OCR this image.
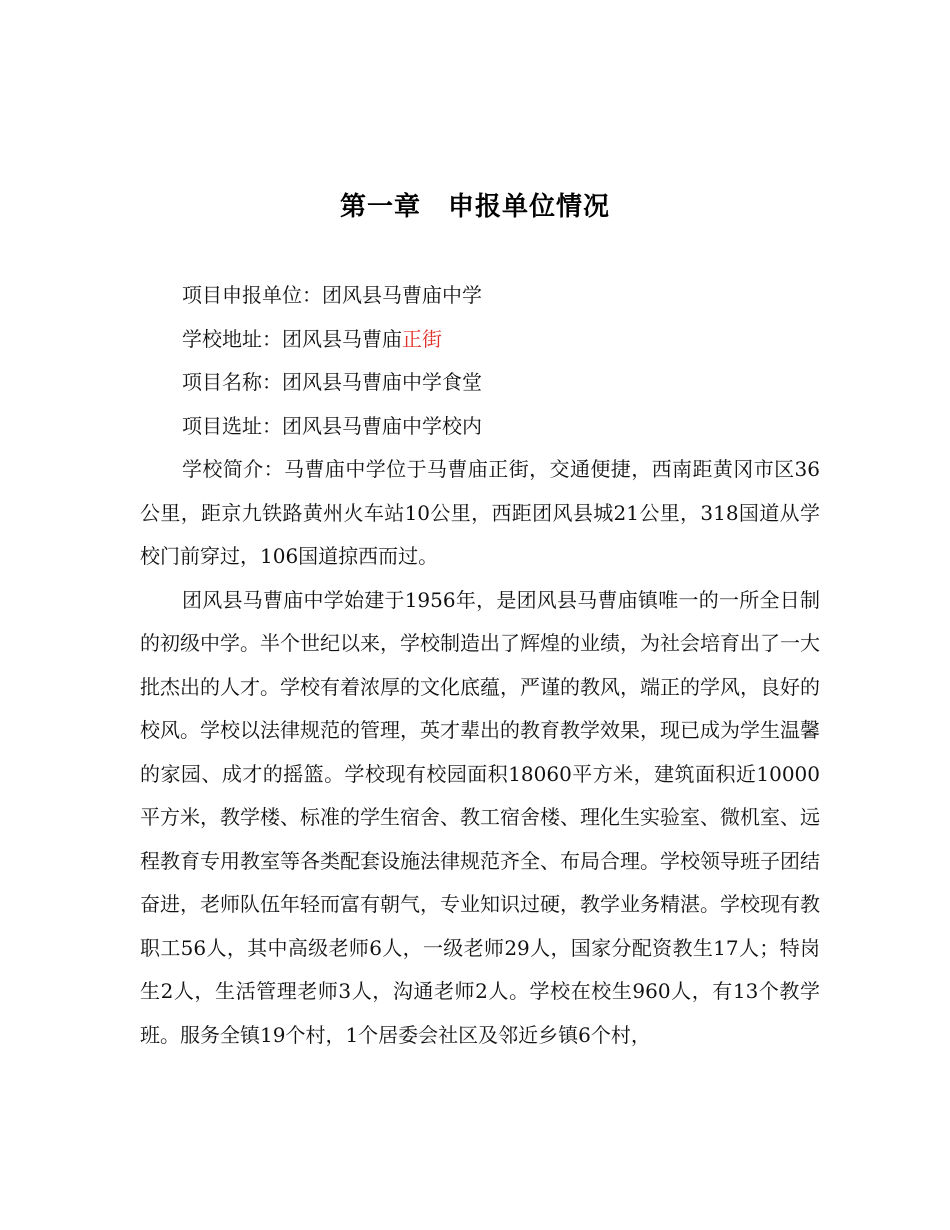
第一章　申报单位情况

项目申报单位：团风县马曹庙中学

学校地址：团风县马曹庙正街

项目名称：团风县马曹庙中学食堂

项目选址：团风县马曹庙中学校内

学校简介：马曹庙中学位于马曹庙正街，交通便捷，西南距黄冈市区36公里，距京九铁路黄州火车站10公里，西距团风县城21公里，318国道从学校门前穿过，106国道掠西而过。

团风县马曹庙中学始建于1956年，是团风县马曹庙镇唯一的一所全日制的初级中学。半个世纪以来，学校制造出了辉煌的业绩，为社会培育出了一大批杰出的人才。学校有着浓厚的文化底蕴，严谨的教风，端正的学风，良好的校风。学校以法律规范的管理，英才辈出的教育教学效果，现已成为学生温馨的家园、成才的摇篮。学校现有校园面积18060平方米，建筑面积近10000平方米，教学楼、标准的学生宿舍、教工宿舍楼、理化生实验室、微机室、远程教育专用教室等各类配套设施法律规范齐全、布局合理。学校领导班子团结奋进，老师队伍年轻而富有朝气，专业知识过硬，教学业务精湛。学校现有教职工56人，其中高级老师6人，一级老师29人，国家分配资教生17人；特岗生2人，生活管理老师3人，沟通老师2人。学校在校生960人，有13个教学班。服务全镇19个村，1个居委会社区及邻近乡镇6个村，
